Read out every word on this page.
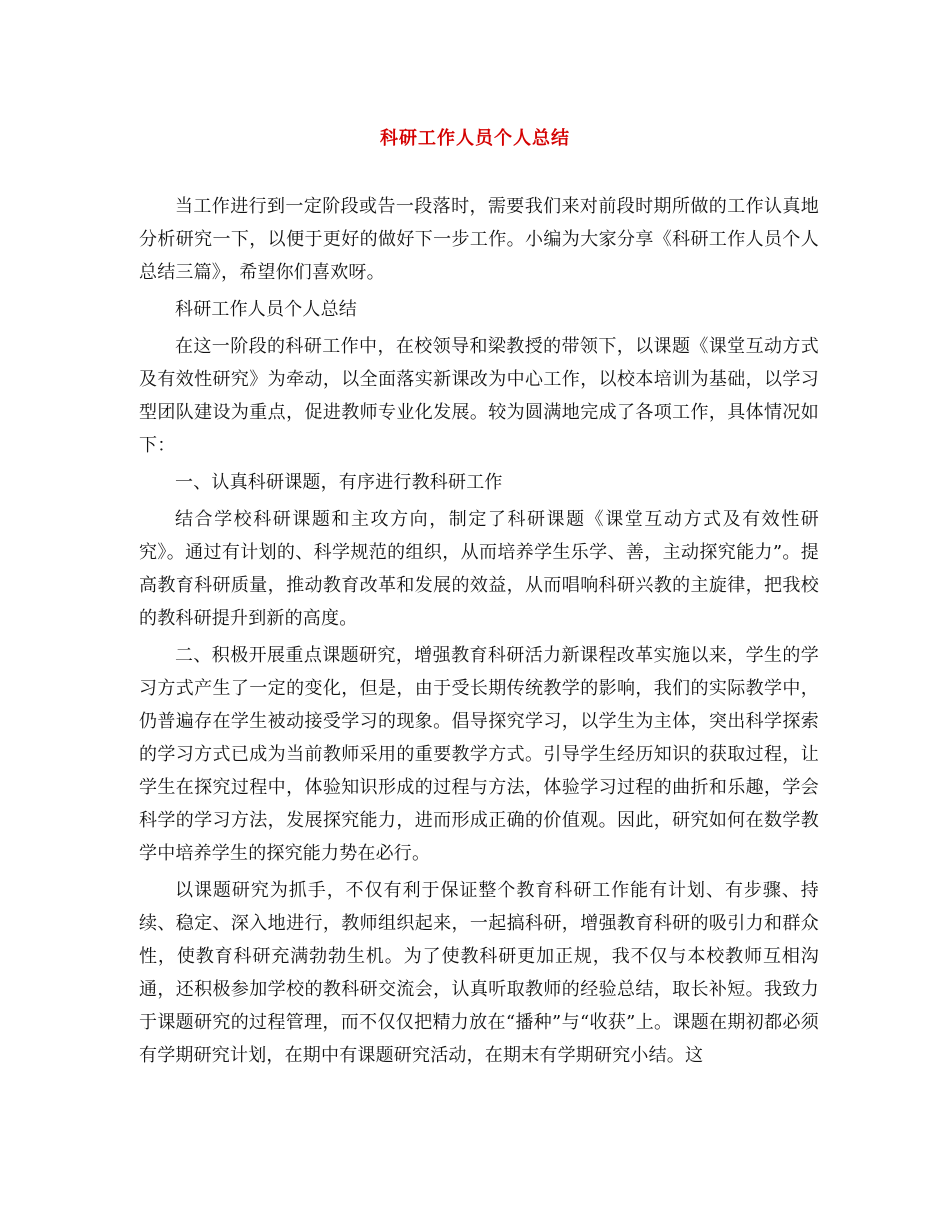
科研工作人员个人总结

当工作进行到一定阶段或告一段落时，需要我们来对前段时期所做的工作认真地分析研究一下，以便于更好的做好下一步工作。小编为大家分享《科研工作人员个人总结三篇》，希望你们喜欢呀。

科研工作人员个人总结

在这一阶段的科研工作中，在校领导和梁教授的带领下，以课题《课堂互动方式及有效性研究》为牵动，以全面落实新课改为中心工作，以校本培训为基础，以学习型团队建设为重点，促进教师专业化发展。较为圆满地完成了各项工作，具体情况如下：

一、认真科研课题，有序进行教科研工作

结合学校科研课题和主攻方向，制定了科研课题《课堂互动方式及有效性研究》。通过有计划的、科学规范的组织，从而培养学生乐学、善，主动探究能力”。提高教育科研质量，推动教育改革和发展的效益，从而唱响科研兴教的主旋律，把我校的教科研提升到新的高度。

二、积极开展重点课题研究，增强教育科研活力新课程改革实施以来，学生的学习方式产生了一定的变化，但是，由于受长期传统教学的影响，我们的实际教学中，仍普遍存在学生被动接受学习的现象。倡导探究学习，以学生为主体，突出科学探索的学习方式已成为当前教师采用的重要教学方式。引导学生经历知识的获取过程，让学生在探究过程中，体验知识形成的过程与方法，体验学习过程的曲折和乐趣，学会科学的学习方法，发展探究能力，进而形成正确的价值观。因此，研究如何在数学教学中培养学生的探究能力势在必行。

以课题研究为抓手，不仅有利于保证整个教育科研工作能有计划、有步骤、持续、稳定、深入地进行，教师组织起来，一起搞科研，增强教育科研的吸引力和群众性，使教育科研充满勃勃生机。为了使教科研更加正规，我不仅与本校教师互相沟通，还积极参加学校的教科研交流会，认真听取教师的经验总结，取长补短。我致力于课题研究的过程管理，而不仅仅把精力放在“播种”与“收获”上。课题在期初都必须有学期研究计划，在期中有课题研究活动，在期末有学期研究小结。这
